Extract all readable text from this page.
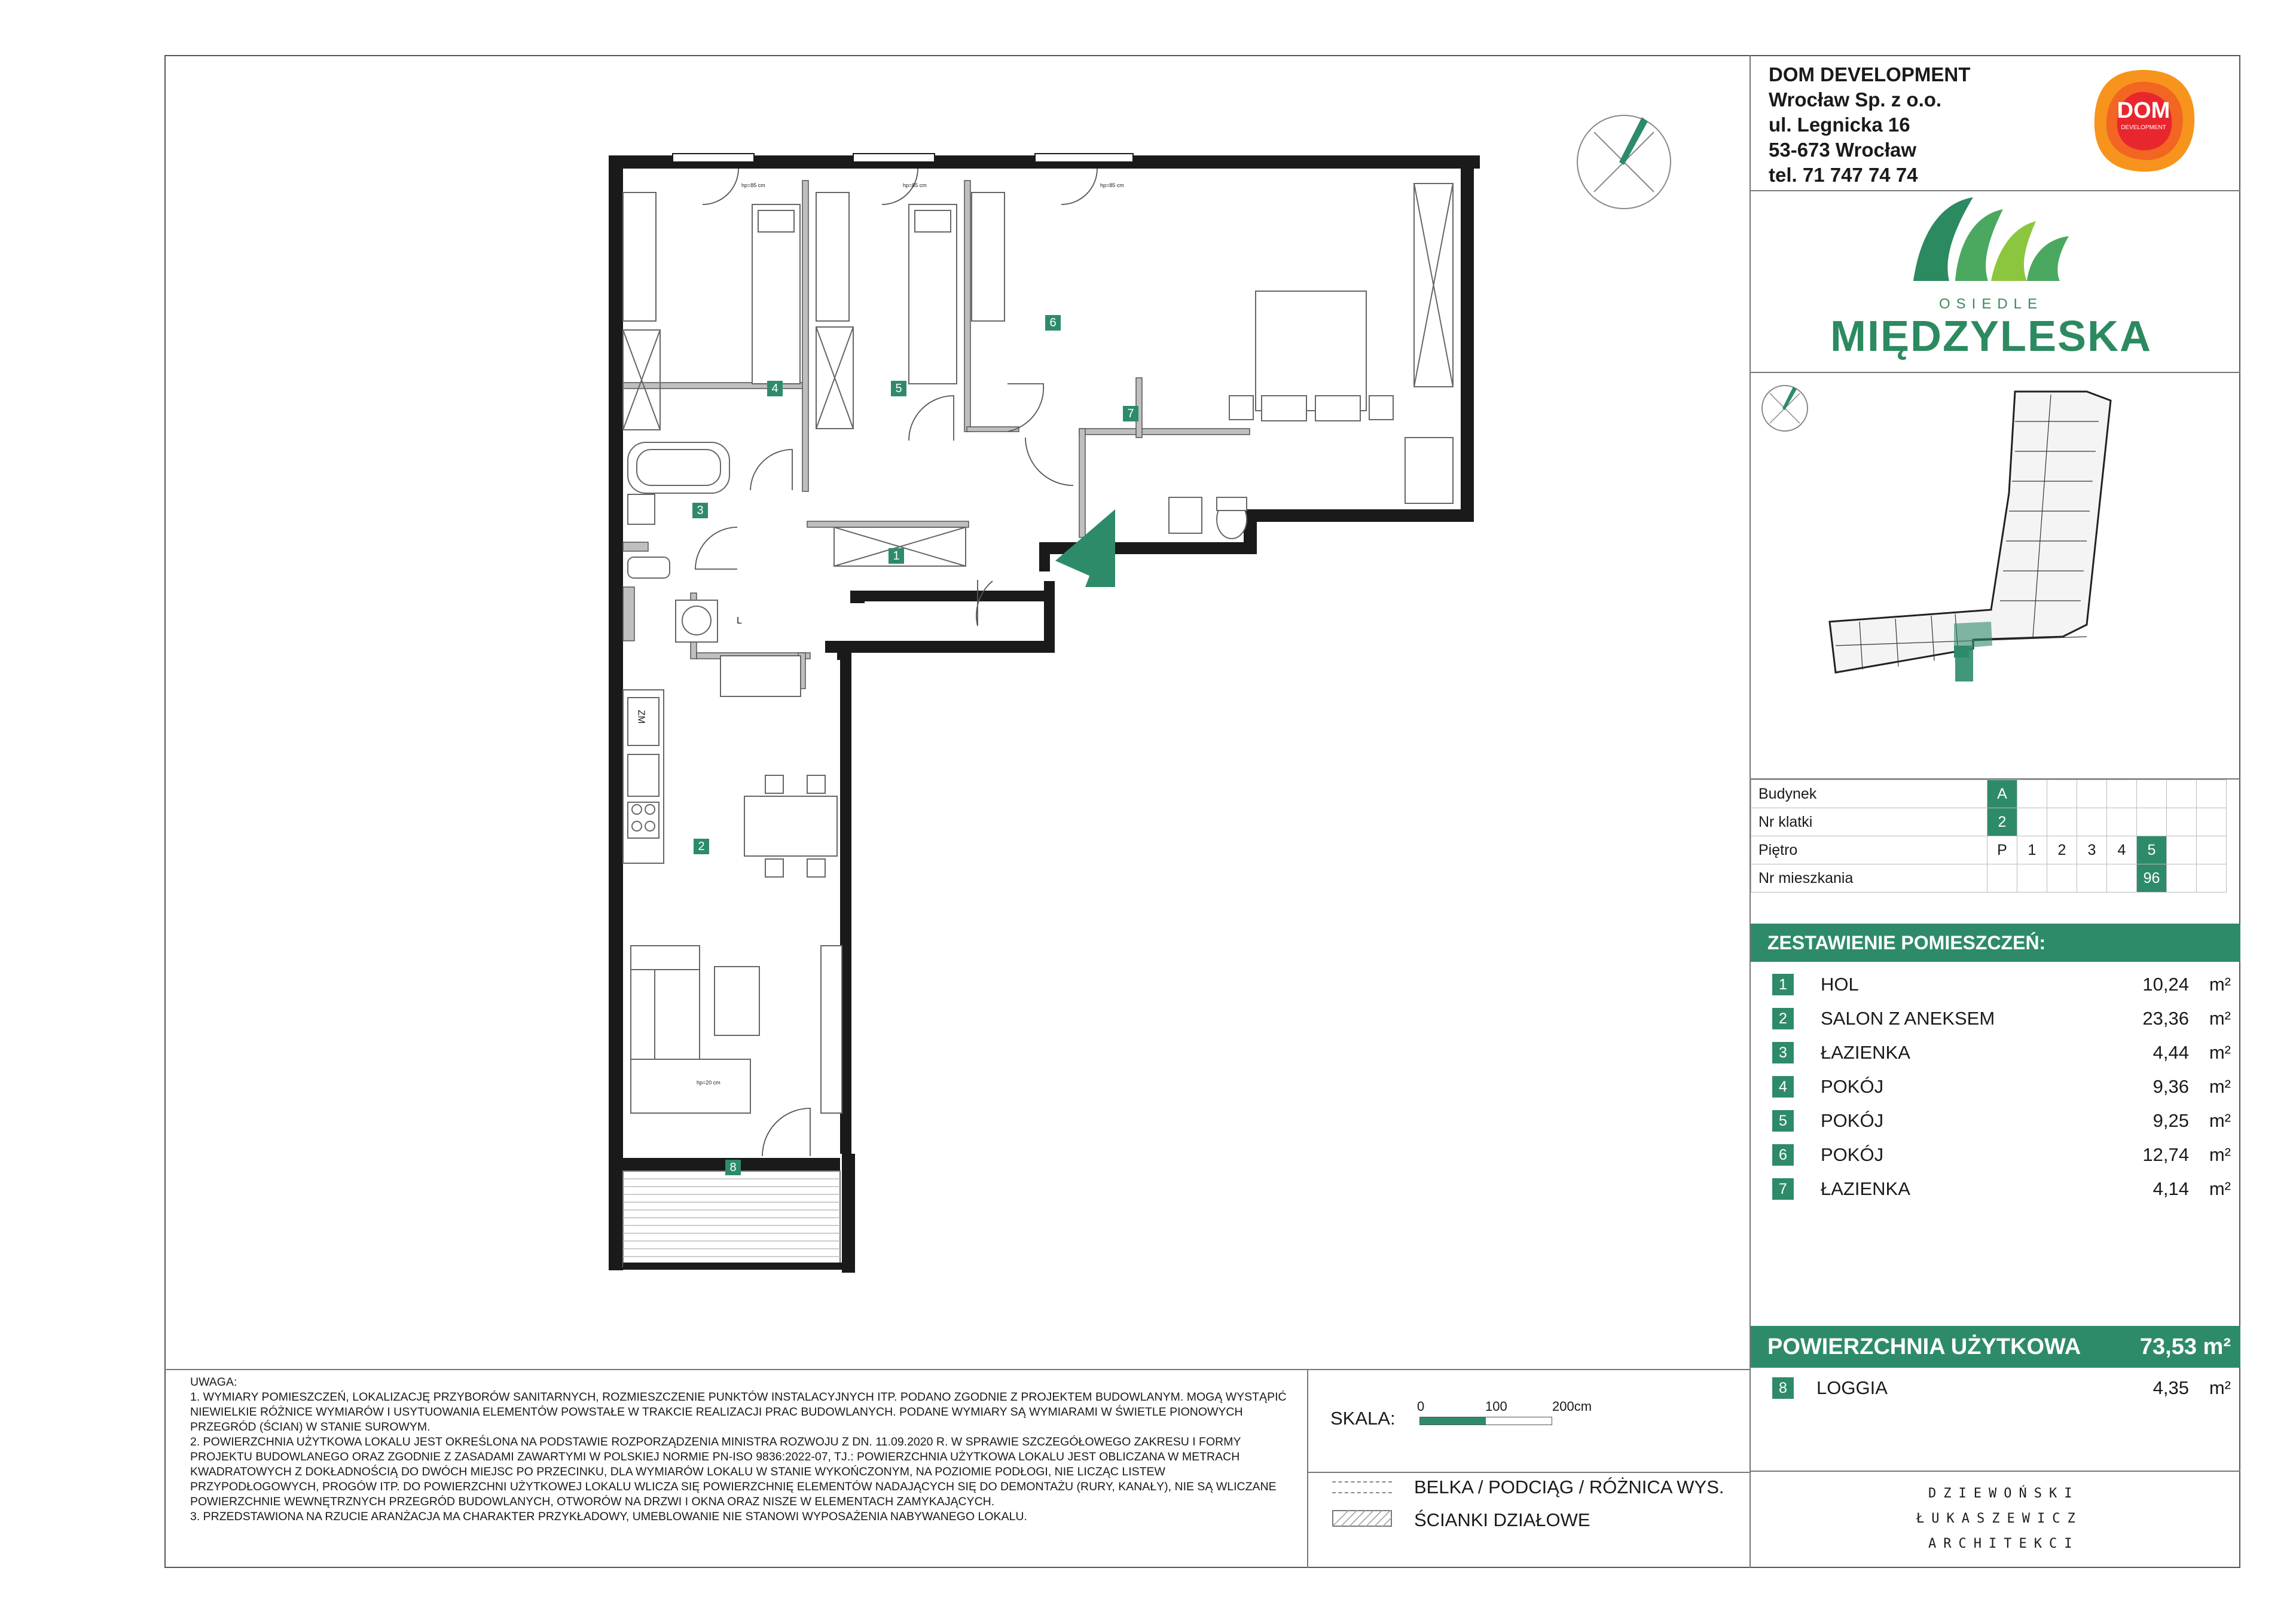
hp=85 cm	hp=85 cm	hp=85 cm
hp=20 cm
L
ZM
1
2
3
4	5
6
7
8
DOM DEVELOPMENT
Wrocław Sp. z o.o.
ul. Legnicka 16
53-673 Wrocław
tel. 71 747 74 74
DOM
DEVELOPMENT
OSIEDLE
MIĘDZYLESKA
Budynek	A							
Nr klatki	2							
Piętro	P	1	2	3	4	5		
Nr mieszkania						96		
ZESTAWIENIE POMIESZCZEŃ:
1	HOL	10,24 m²
2	SALON Z ANEKSEM	23,36 m²
3	ŁAZIENKA	4,44 m²
4	POKÓJ	9,36 m²
5	POKÓJ	9,25 m²
6	POKÓJ	12,74 m²
7	ŁAZIENKA	4,14 m²
POWIERZCHNIA UŻYTKOWA	73,53 m²
8	LOGGIA	4,35 m²

UWAGA:

1. WYMIARY POMIESZCZEŃ, LOKALIZACJĘ PRZYBORÓW SANITARNYCH, ROZMIESZCZENIE PUNKTÓW INSTALACYJNYCH ITP. PODANO ZGODNIE Z PROJEKTEM BUDOWLANYM. MOGĄ WYSTĄPIĆ NIEWIELKIE RÓŻNICE WYMIARÓW I USYTUOWANIA ELEMENTÓW POWSTAŁE W TRAKCIE REALIZACJI PRAC BUDOWLANYCH. PODANE WYMIARY SĄ WYMIARAMI W ŚWIETLE PIONOWYCH PRZEGRÓD (ŚCIAN) W STANIE SUROWYM.

2. POWIERZCHNIA UŻYTKOWA LOKALU JEST OKREŚLONA NA PODSTAWIE ROZPORZĄDZENIA MINISTRA ROZWOJU Z DN. 11.09.2020 R. W SPRAWIE SZCZEGÓŁOWEGO ZAKRESU I FORMY PROJEKTU BUDOWLANEGO ORAZ ZGODNIE Z ZASADAMI ZAWARTYMI W POLSKIEJ NORMIE PN-ISO 9836:2022-07, TJ.: POWIERZCHNIA UŻYTKOWA LOKALU JEST OBLICZANA W METRACH KWADRATOWYCH Z DOKŁADNOŚCIĄ DO DWÓCH MIEJSC PO PRZECINKU, DLA WYMIARÓW LOKALU W STANIE WYKOŃCZONYM, NA POZIOMIE PODŁOGI, NIE LICZĄC LISTEW PRZYPODŁOGOWYCH, PROGÓW ITP. DO POWIERZCHNI UŻYTKOWEJ LOKALU WLICZA SIĘ POWIERZCHNIĘ ELEMENTÓW NADAJĄCYCH SIĘ DO DEMONTAŻU (RURY, KANAŁY), NIE SĄ WLICZANE POWIERZCHNIE WEWNĘTRZNYCH PRZEGRÓD BUDOWLANYCH, OTWORÓW NA DRZWI I OKNA ORAZ NISZE W ELEMENTACH ZAMYKAJĄCYCH.

3. PRZEDSTAWIONA NA RZUCIE ARANŻACJA MA CHARAKTER PRZYKŁADOWY, UMEBLOWANIE NIE STANOWI WYPOSAŻENIA NABYWANEGO LOKALU.

SKALA:
0	100	200cm
BELKA / PODCIĄG / RÓŻNICA WYS.
ŚCIANKI DZIAŁOWE
DZIEWOŃSKI
ŁUKASZEWICZ
ARCHITEKCI
